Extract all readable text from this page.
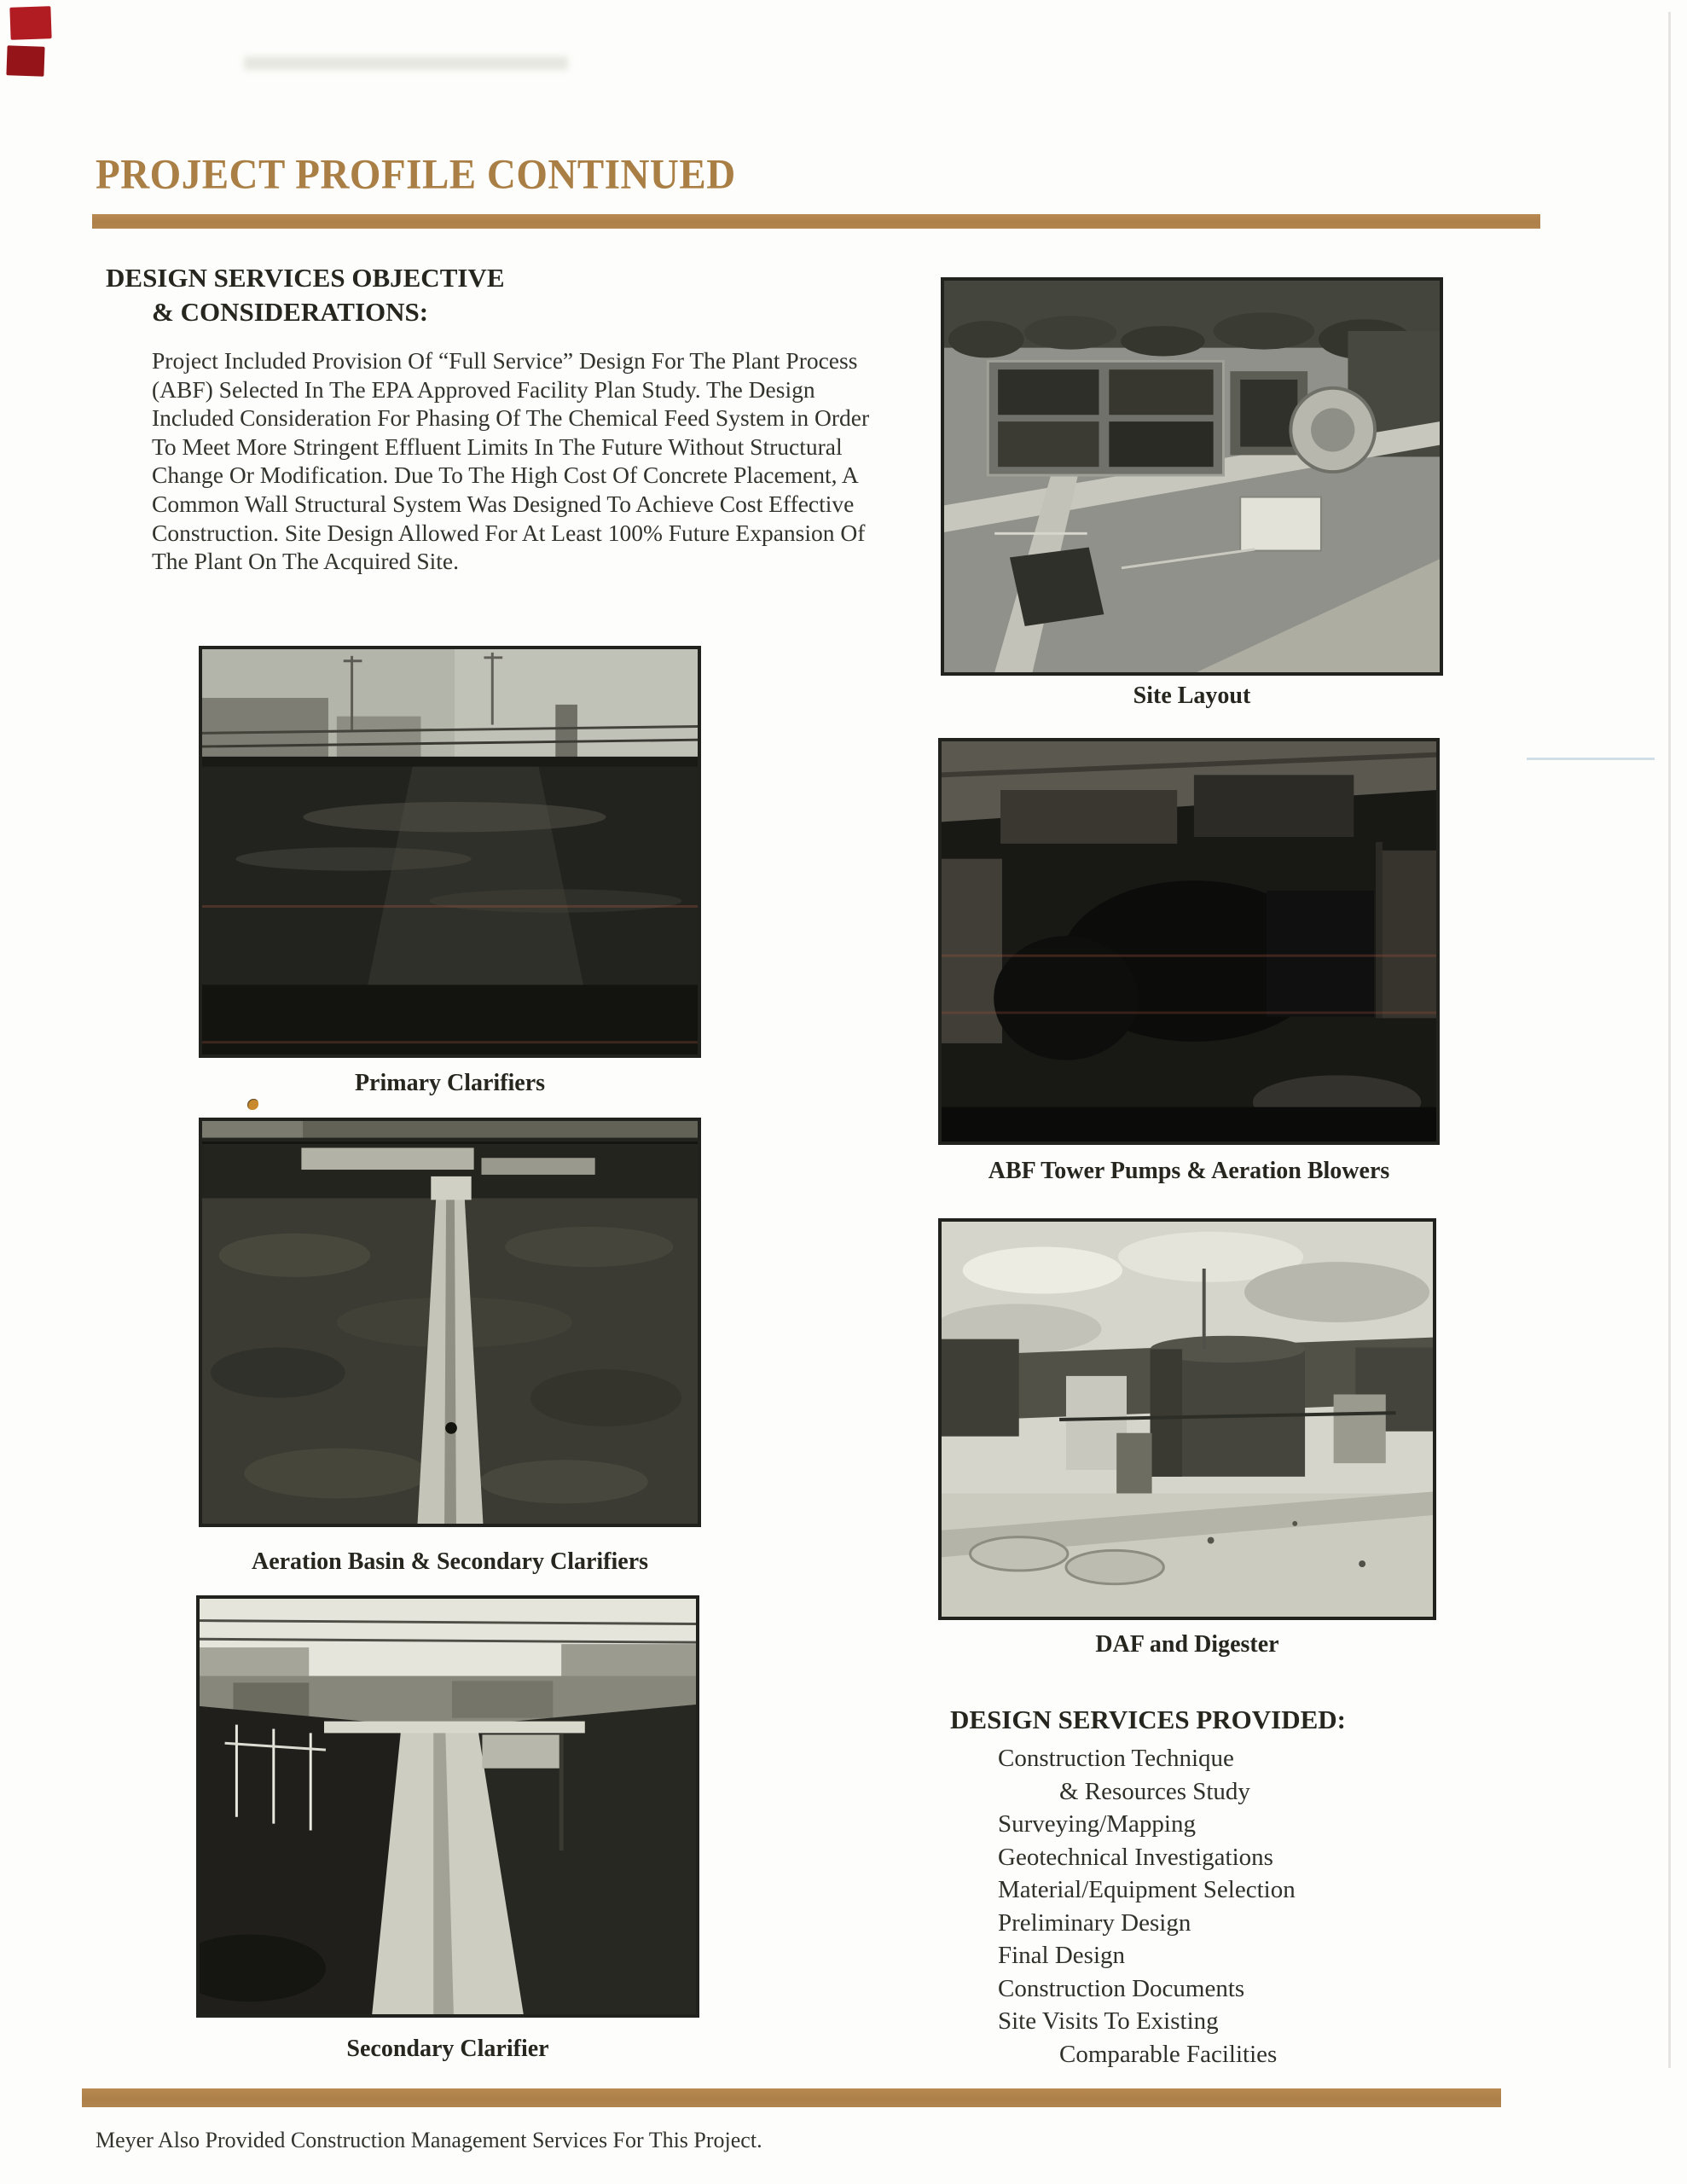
PROJECT PROFILE CONTINUED
DESIGN SERVICES OBJECTIVE
& CONSIDERATIONS:
Project Included Provision Of “Full Service” Design For The Plant Process (ABF) Selected In The EPA Approved Facility Plan Study. The Design Included Consideration For Phasing Of The Chemical Feed System in Order To Meet More Stringent Effluent Limits In The Future Without Structural Change Or Modification. Due To The High Cost Of Concrete Placement, A Common Wall Structural System Was Designed To Achieve Cost Effective Construction. Site Design Allowed For At Least 100% Future Expansion Of The Plant On The Acquired Site.
Site Layout
Primary Clarifiers
ABF Tower Pumps & Aeration Blowers
Aeration Basin & Secondary Clarifiers
DAF and Digester
Secondary Clarifier
DESIGN SERVICES PROVIDED:
Construction Technique
& Resources Study
Surveying/Mapping
Geotechnical Investigations
Material/Equipment Selection
Preliminary Design
Final Design
Construction Documents
Site Visits To Existing
Comparable Facilities
Meyer Also Provided Construction Management Services For This Project.
